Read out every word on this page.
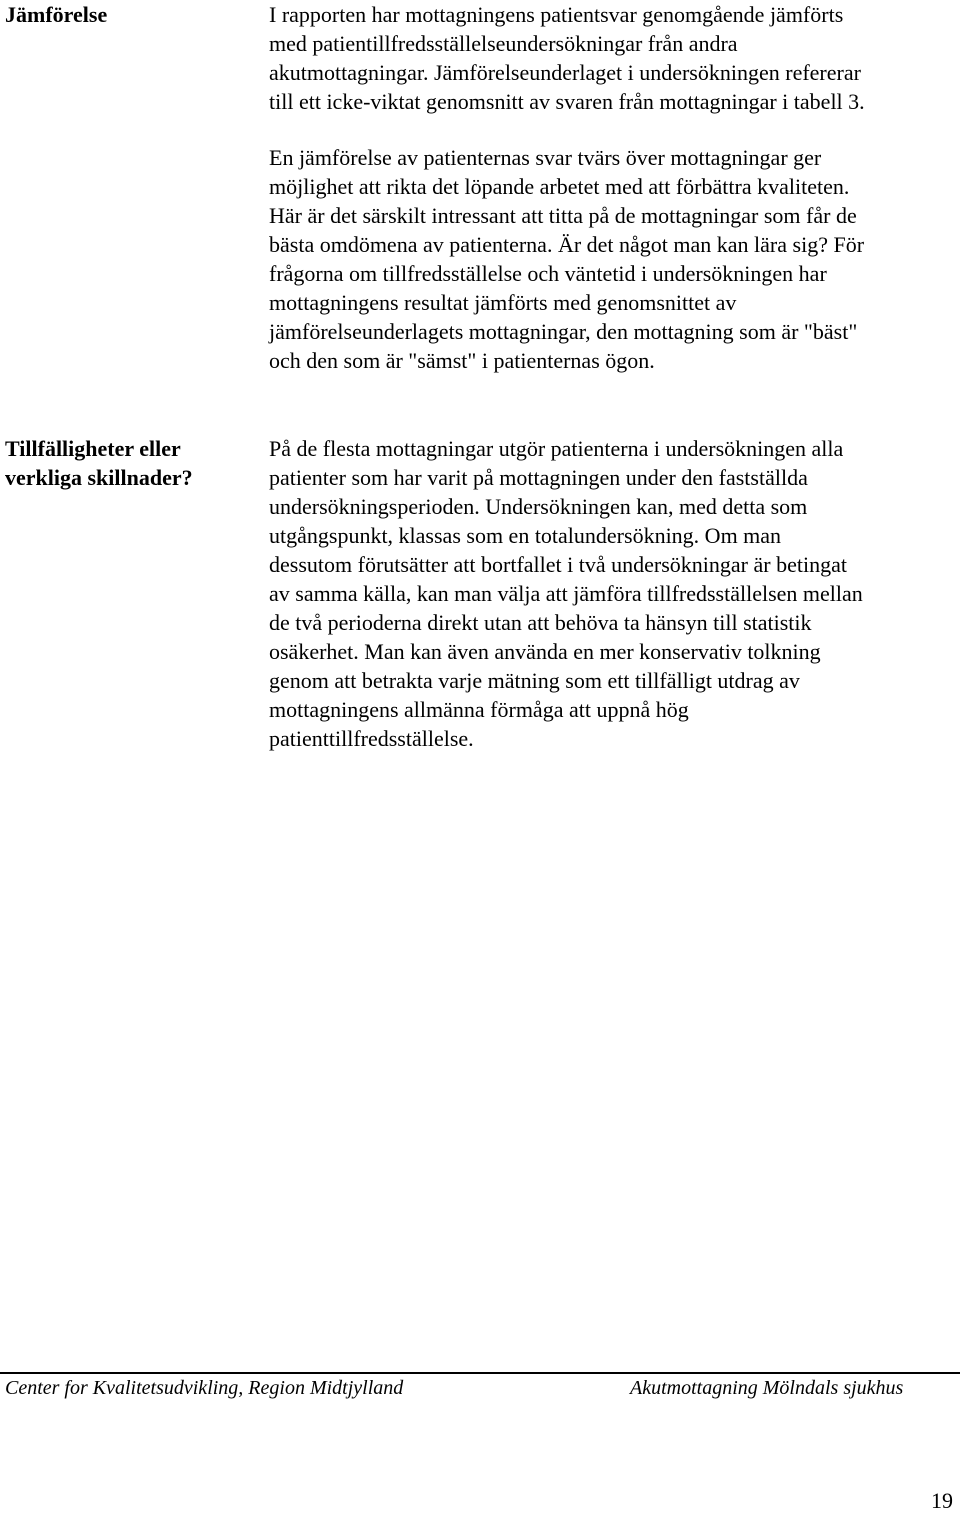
Jämförelse	I rapporten har mottagningens patientsvar genomgående jämförts
med patientillfredsställelseundersökningar från andra
akutmottagningar. Jämförelseunderlaget i undersökningen refererar
till ett icke-viktat genomsnitt av svaren från mottagningar i tabell 3.
En jämförelse av patienternas svar tvärs över mottagningar ger
möjlighet att rikta det löpande arbetet med att förbättra kvaliteten.
Här är det särskilt intressant att titta på de mottagningar som får de
bästa omdömena av patienterna. Är det något man kan lära sig? För
frågorna om tillfredsställelse och väntetid i undersökningen har
mottagningens resultat jämförts med genomsnittet av
jämförelseunderlagets mottagningar, den mottagning som är "bäst"
och den som är "sämst" i patienternas ögon.
Tillfälligheter eller
verkliga skillnader?
På de flesta mottagningar utgör patienterna i undersökningen alla
patienter som har varit på mottagningen under den fastställda
undersökningsperioden. Undersökningen kan, med detta som
utgångspunkt, klassas som en totalundersökning. Om man
dessutom förutsätter att bortfallet i två undersökningar är betingat
av samma källa, kan man välja att jämföra tillfredsställelsen mellan
de två perioderna direkt utan att behöva ta hänsyn till statistik
osäkerhet. Man kan även använda en mer konservativ tolkning
genom att betrakta varje mätning som ett tillfälligt utdrag av
mottagningens allmänna förmåga att uppnå hög
patienttillfredsställelse.
Center for Kvalitetsudvikling, Region Midtjylland	Akutmottagning Mölndals sjukhus
19
